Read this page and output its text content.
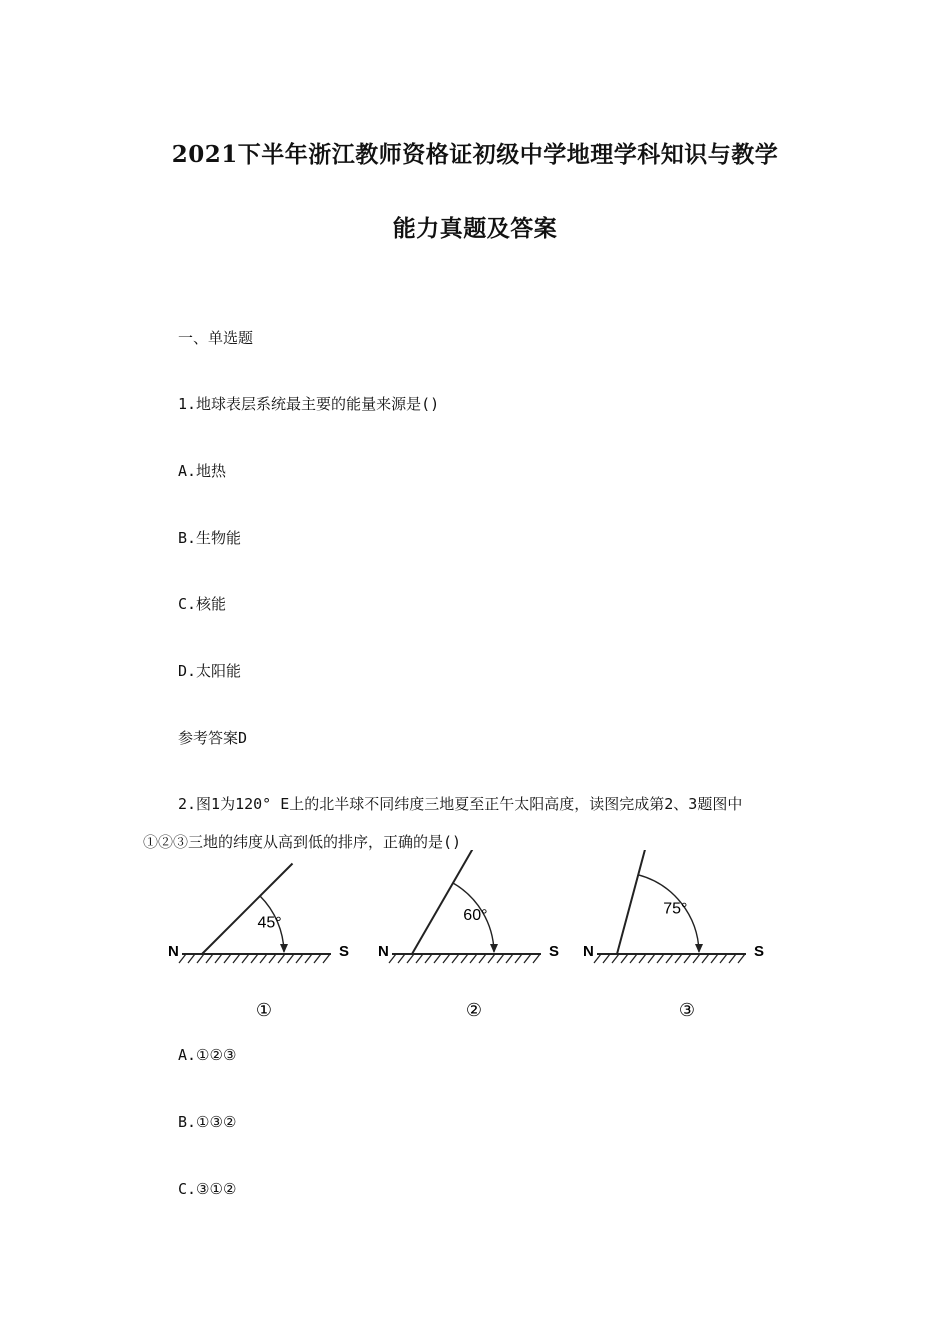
2021下半年浙江教师资格证初级中学地理学科知识与教学
能力真题及答案
一、单选题
1.地球表层系统最主要的能量来源是()
A.地热
B.生物能
C.核能
D.太阳能
参考答案D
2.图1为120° E上的北半球不同纬度三地夏至正午太阳高度，读图完成第2、3题图中
①②③三地的纬度从高到低的排序，正确的是()
N	S
45°
①
N	S
60°
②
N	S
75°
③
A.①②③
B.①③②
C.③①②
